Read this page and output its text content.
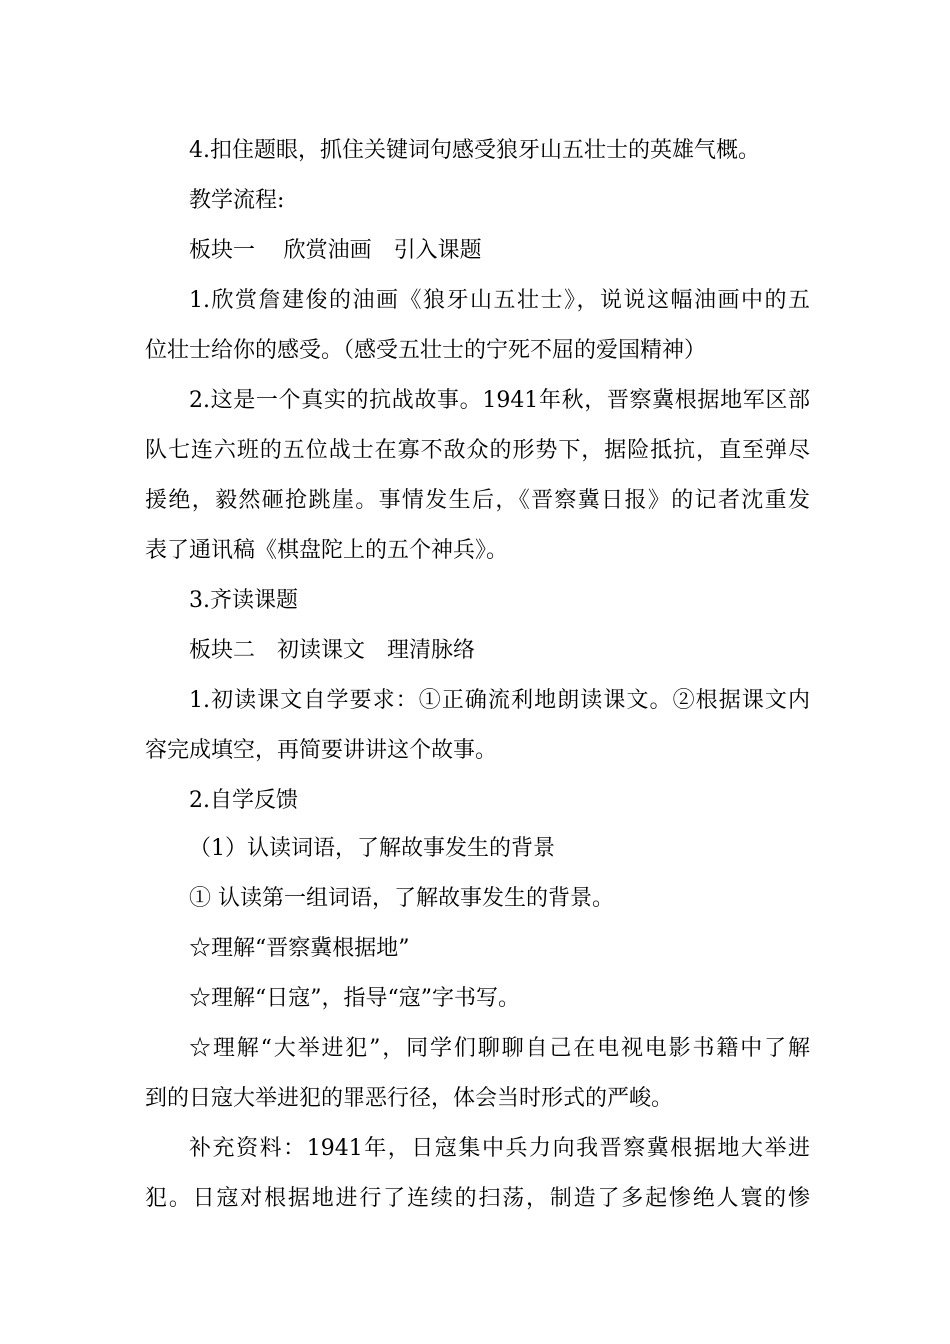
4.扣住题眼，抓住关键词句感受狼牙山五壮士的英雄气概。
教学流程:
板块一 欣赏油画 引入课题
1.欣赏詹建俊的油画《狼牙山五壮士》，说说这幅油画中的五
位壮士给你的感受。（感受五壮士的宁死不屈的爱国精神）
2.这是一个真实的抗战故事。1941年秋，晋察冀根据地军区部
队七连六班的五位战士在寡不敌众的形势下，据险抵抗，直至弹尽
援绝，毅然砸抢跳崖。事情发生后，《晋察冀日报》的记者沈重发
表了通讯稿《棋盘陀上的五个神兵》。
3.齐读课题
板块二 初读课文 理清脉络
1.初读课文自学要求：①正确流利地朗读课文。②根据课文内
容完成填空，再简要讲讲这个故事。
2.自学反馈
（1）认读词语，了解故事发生的背景
① 认读第一组词语，了解故事发生的背景。
☆理解“晋察冀根据地”
☆理解“日寇”，指导“寇”字书写。
☆理解“大举进犯”，同学们聊聊自己在电视电影书籍中了解
到的日寇大举进犯的罪恶行径，体会当时形式的严峻。
补充资料：1941年，日寇集中兵力向我晋察冀根据地大举进
犯。日寇对根据地进行了连续的扫荡，制造了多起惨绝人寰的惨
